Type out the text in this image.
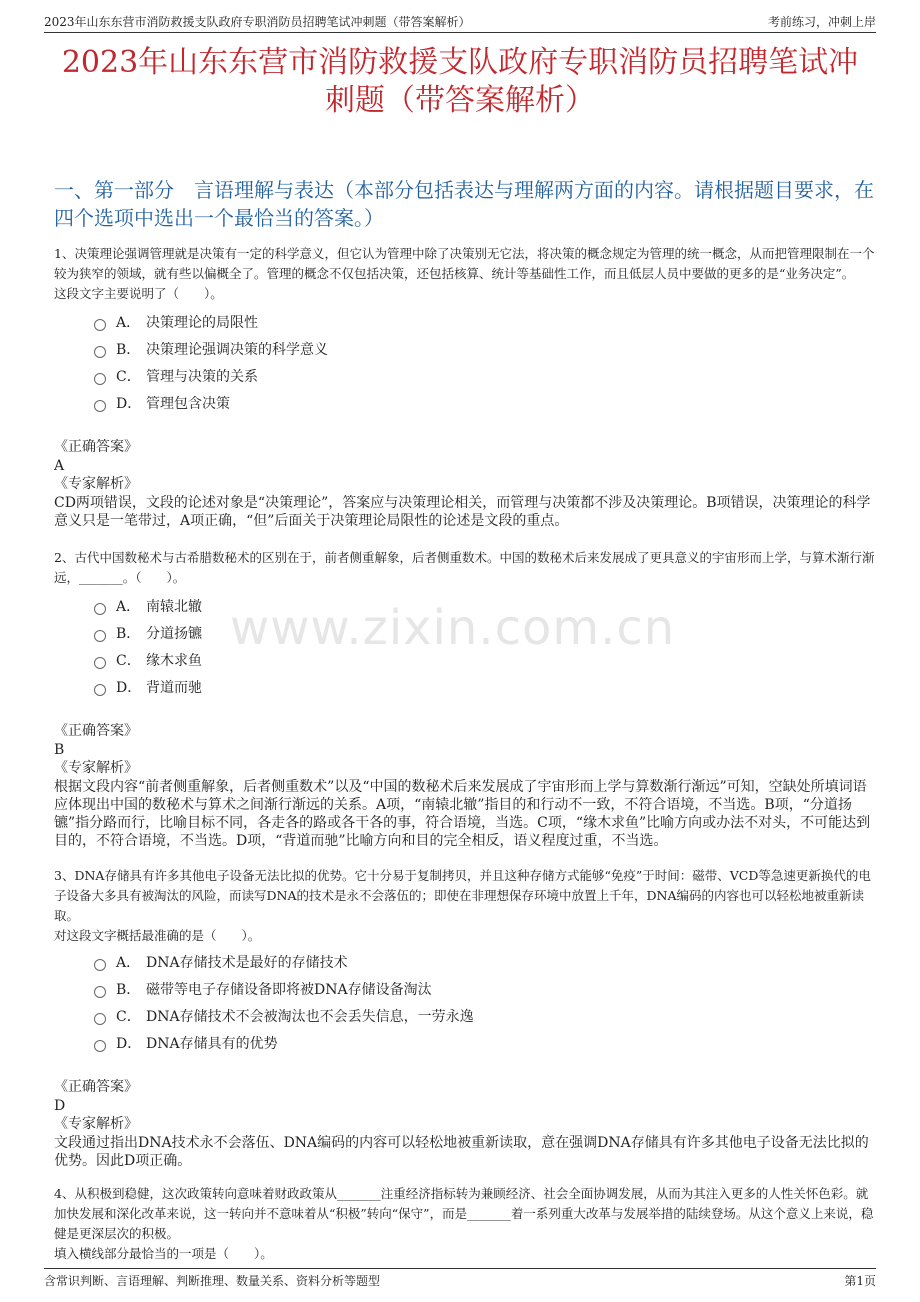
2023年山东东营市消防救援支队政府专职消防员招聘笔试冲刺题（带答案解析）	考前练习，冲刺上岸
2023年山东东营市消防救援支队政府专职消防员招聘笔试冲刺题（带答案解析）
一、第一部分　言语理解与表达（本部分包括表达与理解两方面的内容。请根据题目要求，在四个选项中选出一个最恰当的答案。）
www.zixin.com.cn
1、决策理论强调管理就是决策有一定的科学意义，但它认为管理中除了决策别无它法，将决策的概念规定为管理的统一概念，从而把管理限制在一个较为狭窄的领域，就有些以偏概全了。管理的概念不仅包括决策，还包括核算、统计等基础性工作，而且低层人员中要做的更多的是“业务决定”。
这段文字主要说明了（　　）。
A． 决策理论的局限性
B． 决策理论强调决策的科学意义
C． 管理与决策的关系
D． 管理包含决策
《正确答案》
A
《专家解析》
CD两项错误，文段的论述对象是“决策理论”，答案应与决策理论相关，而管理与决策都不涉及决策理论。B项错误，决策理论的科学意义只是一笔带过，A项正确，“但”后面关于决策理论局限性的论述是文段的重点。
2、古代中国数秘术与古希腊数秘术的区别在于，前者侧重解象，后者侧重数术。中国的数秘术后来发展成了更具意义的宇宙形而上学，与算术渐行渐远，_______。（　　）。
A． 南辕北辙
B． 分道扬镳
C． 缘木求鱼
D． 背道而驰
《正确答案》
B
《专家解析》
根据文段内容“前者侧重解象，后者侧重数术”以及“中国的数秘术后来发展成了宇宙形而上学与算数渐行渐远”可知，空缺处所填词语应体现出中国的数秘术与算术之间渐行渐远的关系。A项，“南辕北辙”指目的和行动不一致，不符合语境，不当选。B项，“分道扬镳”指分路而行，比喻目标不同，各走各的路或各干各的事，符合语境，当选。C项，“缘木求鱼”比喻方向或办法不对头，不可能达到目的，不符合语境，不当选。D项，“背道而驰”比喻方向和目的完全相反，语义程度过重，不当选。
3、DNA存储具有许多其他电子设备无法比拟的优势。它十分易于复制拷贝，并且这种存储方式能够“免疫”于时间：磁带、VCD等急速更新换代的电子设备大多具有被淘汰的风险，而读写DNA的技术是永不会落伍的；即使在非理想保存环境中放置上千年，DNA编码的内容也可以轻松地被重新读取。
对这段文字概括最准确的是（　　）。
A． DNA存储技术是最好的存储技术
B． 磁带等电子存储设备即将被DNA存储设备淘汰
C． DNA存储技术不会被淘汰也不会丢失信息，一劳永逸
D． DNA存储具有的优势
《正确答案》
D
《专家解析》
文段通过指出DNA技术永不会落伍、DNA编码的内容可以轻松地被重新读取，意在强调DNA存储具有许多其他电子设备无法比拟的优势。因此D项正确。
4、从积极到稳健，这次政策转向意味着财政政策从_______注重经济指标转为兼顾经济、社会全面协调发展，从而为其注入更多的人性关怀色彩。就加快发展和深化改革来说，这一转向并不意味着从“积极”转向“保守”，而是_______着一系列重大改革与发展举措的陆续登场。从这个意义上来说，稳健是更深层次的积极。
填入横线部分最恰当的一项是（　　）。
含常识判断、言语理解、判断推理、数量关系、资料分析等题型	第1页
